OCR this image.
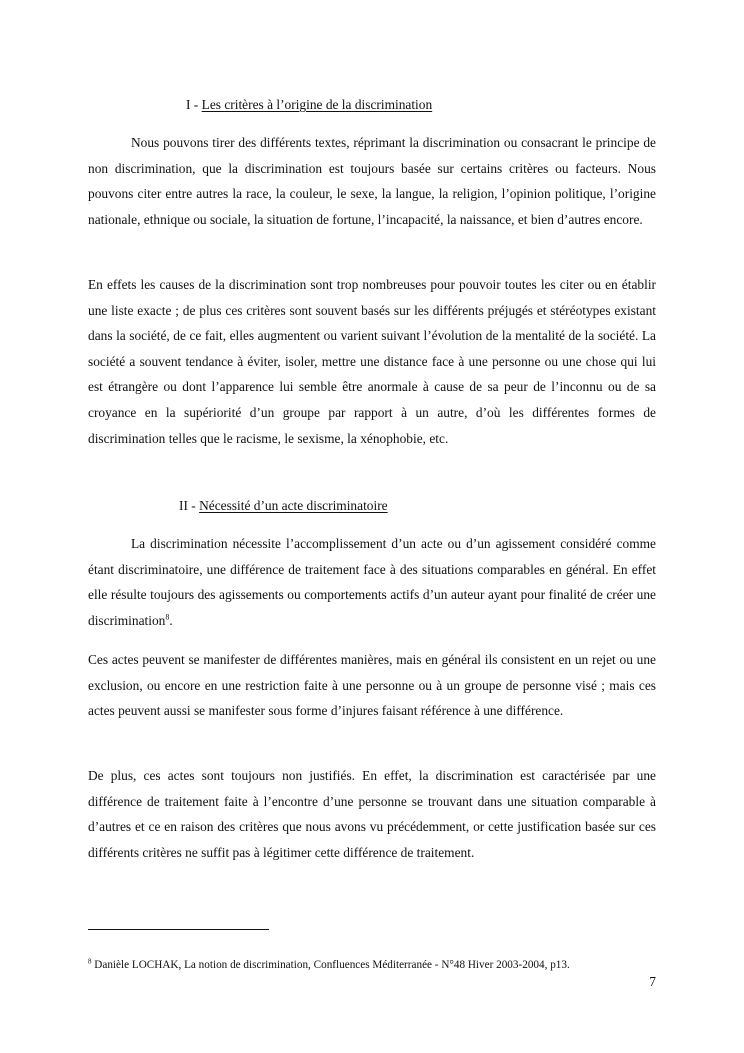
I - Les critères à l’origine de la discrimination

Nous pouvons tirer des différents textes, réprimant la discrimination ou consacrant le principe de non discrimination, que la discrimination est toujours basée sur certains critères ou facteurs. Nous pouvons citer entre autres la race, la couleur, le sexe, la langue, la religion, l’opinion politique, l’origine nationale, ethnique ou sociale, la situation de fortune, l’incapacité, la naissance, et bien d’autres encore.

En effets les causes de la discrimination sont trop nombreuses pour pouvoir toutes les citer ou en établir une liste exacte ; de plus ces critères sont souvent basés sur les différents préjugés et stéréotypes existant dans la société, de ce fait, elles augmentent ou varient suivant l’évolution de la mentalité de la société. La société a souvent tendance à éviter, isoler, mettre une distance face à une personne ou une chose qui lui est étrangère ou dont l’apparence lui semble être anormale à cause de sa peur de l’inconnu ou de sa croyance en la supériorité d’un groupe par rapport à un autre, d’où les différentes formes de discrimination telles que le racisme, le sexisme, la xénophobie, etc.

II - Nécessité d’un acte discriminatoire

La discrimination nécessite l’accomplissement d’un acte ou d’un agissement considéré comme étant discriminatoire, une différence de traitement face à des situations comparables en général. En effet elle résulte toujours des agissements ou comportements actifs d’un auteur ayant pour finalité de créer une discrimination$^8$.

Ces actes peuvent se manifester de différentes manières, mais en général ils consistent en un rejet ou une exclusion, ou encore en une restriction faite à une personne ou à un groupe de personne visé ; mais ces actes peuvent aussi se manifester sous forme d’injures faisant référence à une différence.

De plus, ces actes sont toujours non justifiés. En effet, la discrimination est caractérisée par une différence de traitement faite à l’encontre d’une personne se trouvant dans une situation comparable à d’autres et ce en raison des critères que nous avons vu précédemment, or cette justification basée sur ces différents critères ne suffit pas à légitimer cette différence de traitement.

$^8$ Danièle LOCHAK, La notion de discrimination, Confluences Méditerranée - N°48 Hiver 2003-2004, p13.
7
